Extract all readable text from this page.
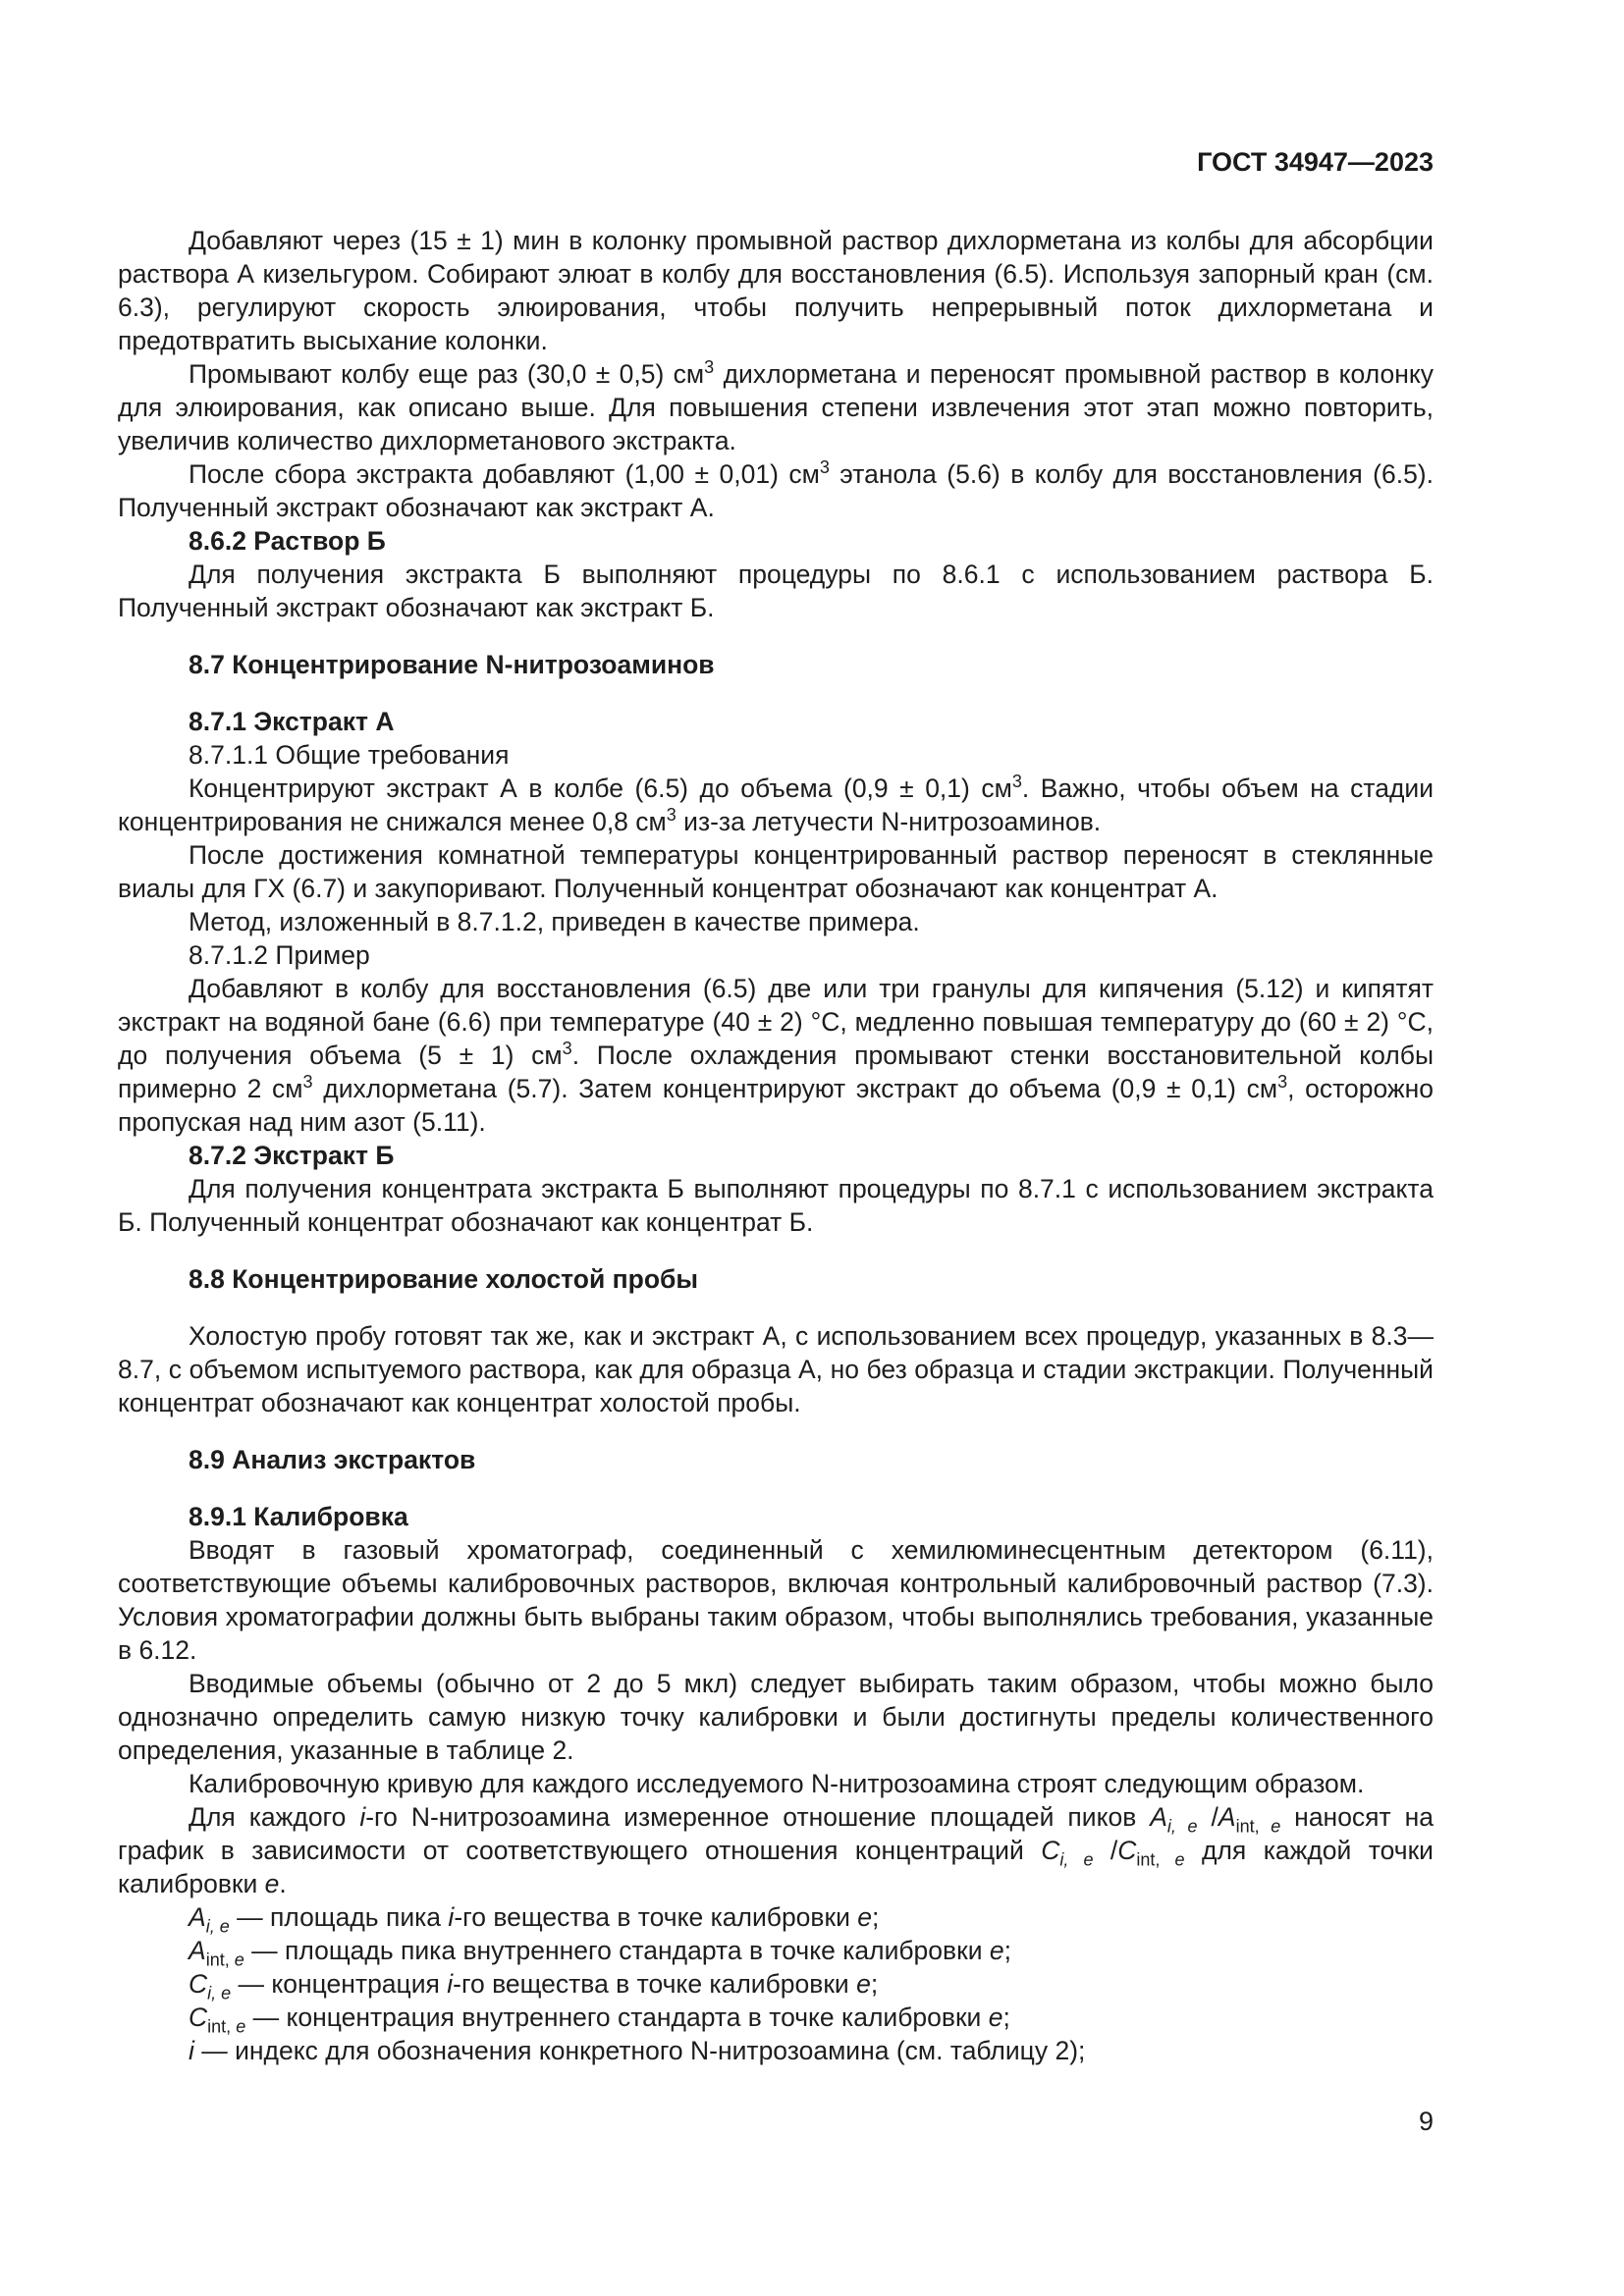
ГОСТ 34947—2023

Добавляют через (15 ± 1) мин в колонку промывной раствор дихлорметана из колбы для абсорбции раствора А кизельгуром. Собирают элюат в колбу для восстановления (6.5). Используя запорный кран (см. 6.3), регулируют скорость элюирования, чтобы получить непрерывный поток дихлорметана и предотвратить высыхание колонки.

Промывают колбу еще раз (30,0 ± 0,5) $см^3$ дихлорметана и переносят промывной раствор в колонку для элюирования, как описано выше. Для повышения степени извлечения этот этап можно повторить, увеличив количество дихлорметанового экстракта.

После сбора экстракта добавляют (1,00 ± 0,01) $см^3$ этанола (5.6) в колбу для восстановления (6.5). Полученный экстракт обозначают как экстракт А.

8.6.2 Раствор Б

Для получения экстракта Б выполняют процедуры по 8.6.1 с использованием раствора Б. Полученный экстракт обозначают как экстракт Б.

8.7 Концентрирование N-нитрозоаминов

8.7.1 Экстракт А

8.7.1.1 Общие требования

Концентрируют экстракт А в колбе (6.5) до объема (0,9 ± 0,1) $см^3$. Важно, чтобы объем на стадии концентрирования не снижался менее 0,8 $см^3$ из-за летучести N-нитрозоаминов.

После достижения комнатной температуры концентрированный раствор переносят в стеклянные виалы для ГХ (6.7) и закупоривают. Полученный концентрат обозначают как концентрат А.

Метод, изложенный в 8.7.1.2, приведен в качестве примера.

8.7.1.2 Пример

Добавляют в колбу для восстановления (6.5) две или три гранулы для кипячения (5.12) и кипятят экстракт на водяной бане (6.6) при температуре (40 ± 2) °С, медленно повышая температуру до (60 ± 2) °С, до получения объема (5 ± 1) $см^3$. После охлаждения промывают стенки восстановительной колбы примерно 2 $см^3$ дихлорметана (5.7). Затем концентрируют экстракт до объема (0,9 ± 0,1) $см^3$, осторожно пропуская над ним азот (5.11).

8.7.2 Экстракт Б

Для получения концентрата экстракта Б выполняют процедуры по 8.7.1 с использованием экстракта Б. Полученный концентрат обозначают как концентрат Б.

8.8 Концентрирование холостой пробы

Холостую пробу готовят так же, как и экстракт А, с использованием всех процедур, указанных в 8.3—8.7, с объемом испытуемого раствора, как для образца А, но без образца и стадии экстракции. Полученный концентрат обозначают как концентрат холостой пробы.

8.9 Анализ экстрактов

8.9.1 Калибровка

Вводят в газовый хроматограф, соединенный с хемилюминесцентным детектором (6.11), соответствующие объемы калибровочных растворов, включая контрольный калибровочный раствор (7.3). Условия хроматографии должны быть выбраны таким образом, чтобы выполнялись требования, указанные в 6.12.

Вводимые объемы (обычно от 2 до 5 мкл) следует выбирать таким образом, чтобы можно было однозначно определить самую низкую точку калибровки и были достигнуты пределы количественного определения, указанные в таблице 2.

Калибровочную кривую для каждого исследуемого N-нитрозоамина строят следующим образом.

Для каждого i-го N-нитрозоамина измеренное отношение площадей пиков $A_{i, e}$ $/A_{int, e}$ наносят на график в зависимости от соответствующего отношения концентраций $C_{i, e}$ $/C_{int, e}$ для каждой точки калибровки e.

$A_{i, e}$ — площадь пика i-го вещества в точке калибровки e;

$A_{int, e}$ — площадь пика внутреннего стандарта в точке калибровки e;

$C_{i, e}$ — концентрация i-го вещества в точке калибровки e;

$C_{int, e}$ — концентрация внутреннего стандарта в точке калибровки e;

i — индекс для обозначения конкретного N-нитрозоамина (см. таблицу 2);

9
